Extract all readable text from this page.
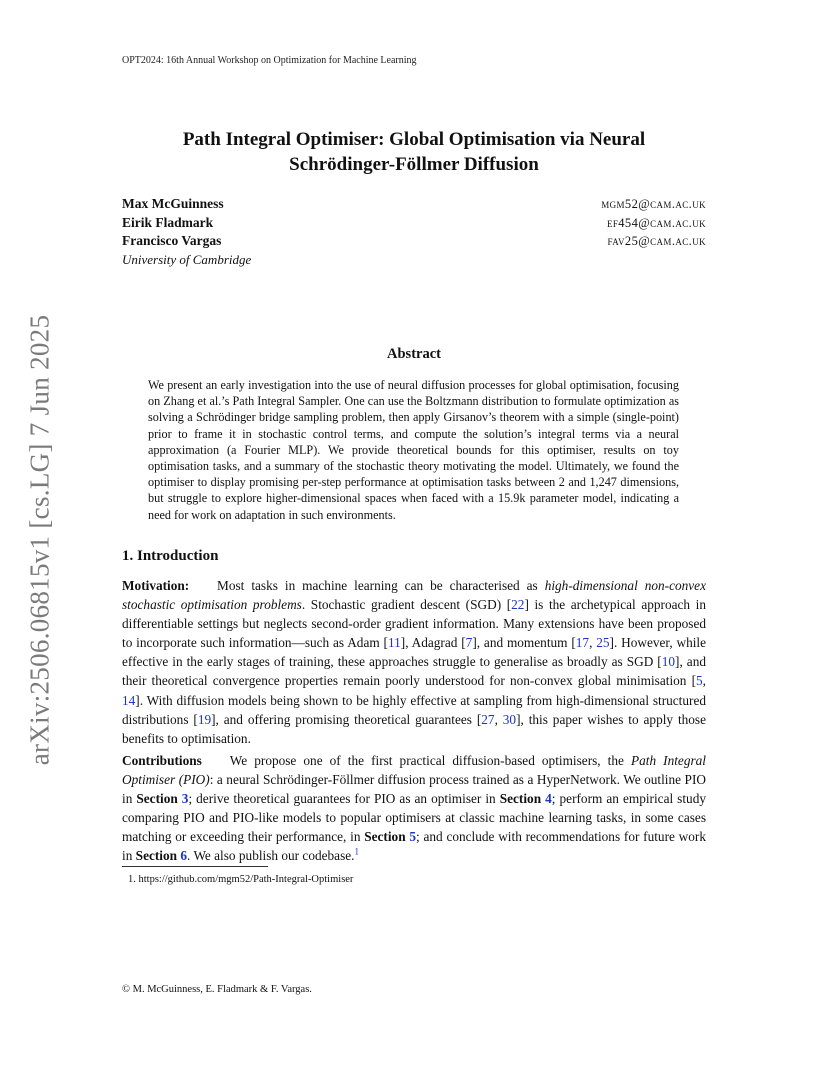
OPT2024: 16th Annual Workshop on Optimization for Machine Learning
arXiv:2506.06815v1 [cs.LG] 7 Jun 2025
Path Integral Optimiser: Global Optimisation via Neural
Schrödinger-Föllmer Diffusion
Max McGuinness
Eirik Fladmark
Francisco Vargas
University of Cambridge
mgm52@cam.ac.uk
ef454@cam.ac.uk
fav25@cam.ac.uk
Abstract
We present an early investigation into the use of neural diffusion processes for global optimisation, focusing on Zhang et al.’s Path Integral Sampler. One can use the Boltzmann distribution to formulate optimization as solving a Schrödinger bridge sampling problem, then apply Girsanov’s theorem with a simple (single-point) prior to frame it in stochastic control terms, and compute the solution’s integral terms via a neural approximation (a Fourier MLP). We provide theoretical bounds for this optimiser, results on toy optimisation tasks, and a summary of the stochastic theory motivating the model. Ultimately, we found the optimiser to display promising per-step performance at optimisation tasks between 2 and 1,247 dimensions, but struggle to explore higher-dimensional spaces when faced with a 15.9k parameter model, indicating a need for work on adaptation in such environments.
1. Introduction
Motivation: Most tasks in machine learning can be characterised as high-dimensional non-convex stochastic optimisation problems. Stochastic gradient descent (SGD) [22] is the archetypical approach in differentiable settings but neglects second-order gradient information. Many extensions have been proposed to incorporate such information—such as Adam [11], Adagrad [7], and momentum [17, 25]. However, while effective in the early stages of training, these approaches struggle to generalise as broadly as SGD [10], and their theoretical convergence properties remain poorly understood for non-convex global minimisation [5, 14]. With diffusion models being shown to be highly effective at sampling from high-dimensional structured distributions [19], and offering promising theoretical guarantees [27, 30], this paper wishes to apply those benefits to optimisation.
Contributions We propose one of the first practical diffusion-based optimisers, the Path Integral Optimiser (PIO): a neural Schrödinger-Föllmer diffusion process trained as a HyperNetwork. We outline PIO in Section 3; derive theoretical guarantees for PIO as an optimiser in Section 4; perform an empirical study comparing PIO and PIO-like models to popular optimisers at classic machine learning tasks, in some cases matching or exceeding their performance, in Section 5; and conclude with recommendations for future work in Section 6. We also publish our codebase.$^1$
1. https://github.com/mgm52/Path-Integral-Optimiser
© M. McGuinness, E. Fladmark & F. Vargas.
